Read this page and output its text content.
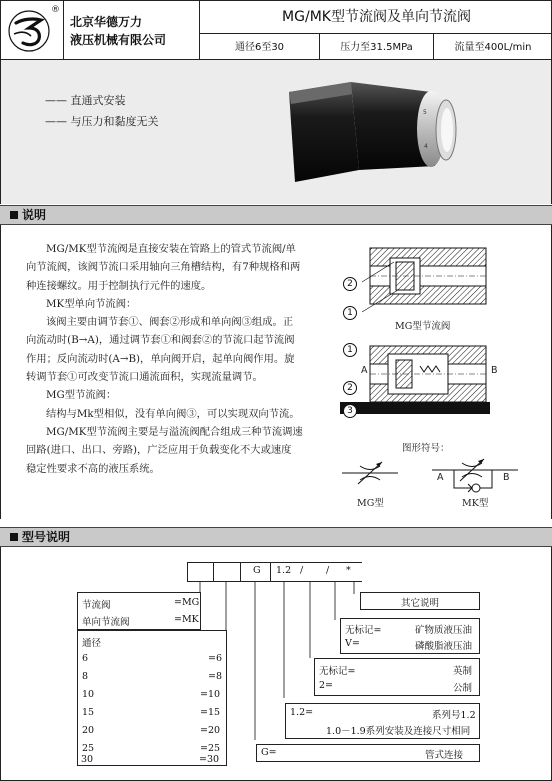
®
北京华德万力
液压机械有限公司
MG/MK型节流阀及单向节流阀
通径6至30	压力至31.5MPa	流量至400L/min
—— 直通式安装
—— 与压力和黏度无关
5
4
说明

MG/MK型节流阀是直接安装在管路上的管式节流阀/单

向节流阀，该阀节流口采用轴向三角槽结构，有7种规格和两

种连接螺纹。用于控制执行元件的速度。

MK型单向节流阀：

该阀主要由调节套①、阀套②形成和单向阀③组成。正

向流动时(B→A)，通过调节套①和阀套②的节流口起节流阀

作用；反向流动时(A→B)，单向阀开启，起单向阀作用。旋

转调节套①可改变节流口通流面积，实现流量调节。

MG型节流阀：

结构与Mk型相似，没有单向阀③，可以实现双向节流。

MG/MK型节流阀主要是与溢流阀配合组成三种节流调速

回路(进口、出口、旁路)，广泛应用于负载变化不大或速度

稳定性要求不高的液压系统。

2
1
MG型节流阀
1
A	B
2
3
MK型单向节流阀
图形符号：
MG型
A	B
MK型
型号说明
G 1.2 / / *
节流阀	=MG
单向节流阀	=MK
通径
6	=6
8	=8
10	=10
15	=15
20	=20
25	=25
30	=30
其它说明
无标记=	矿物质液压油
V=	磷酸脂液压油
无标记=	英制
2=	公制
1.2=	系列号1.2
1.0－1.9系列安装及连接尺寸相同
G=	管式连接
